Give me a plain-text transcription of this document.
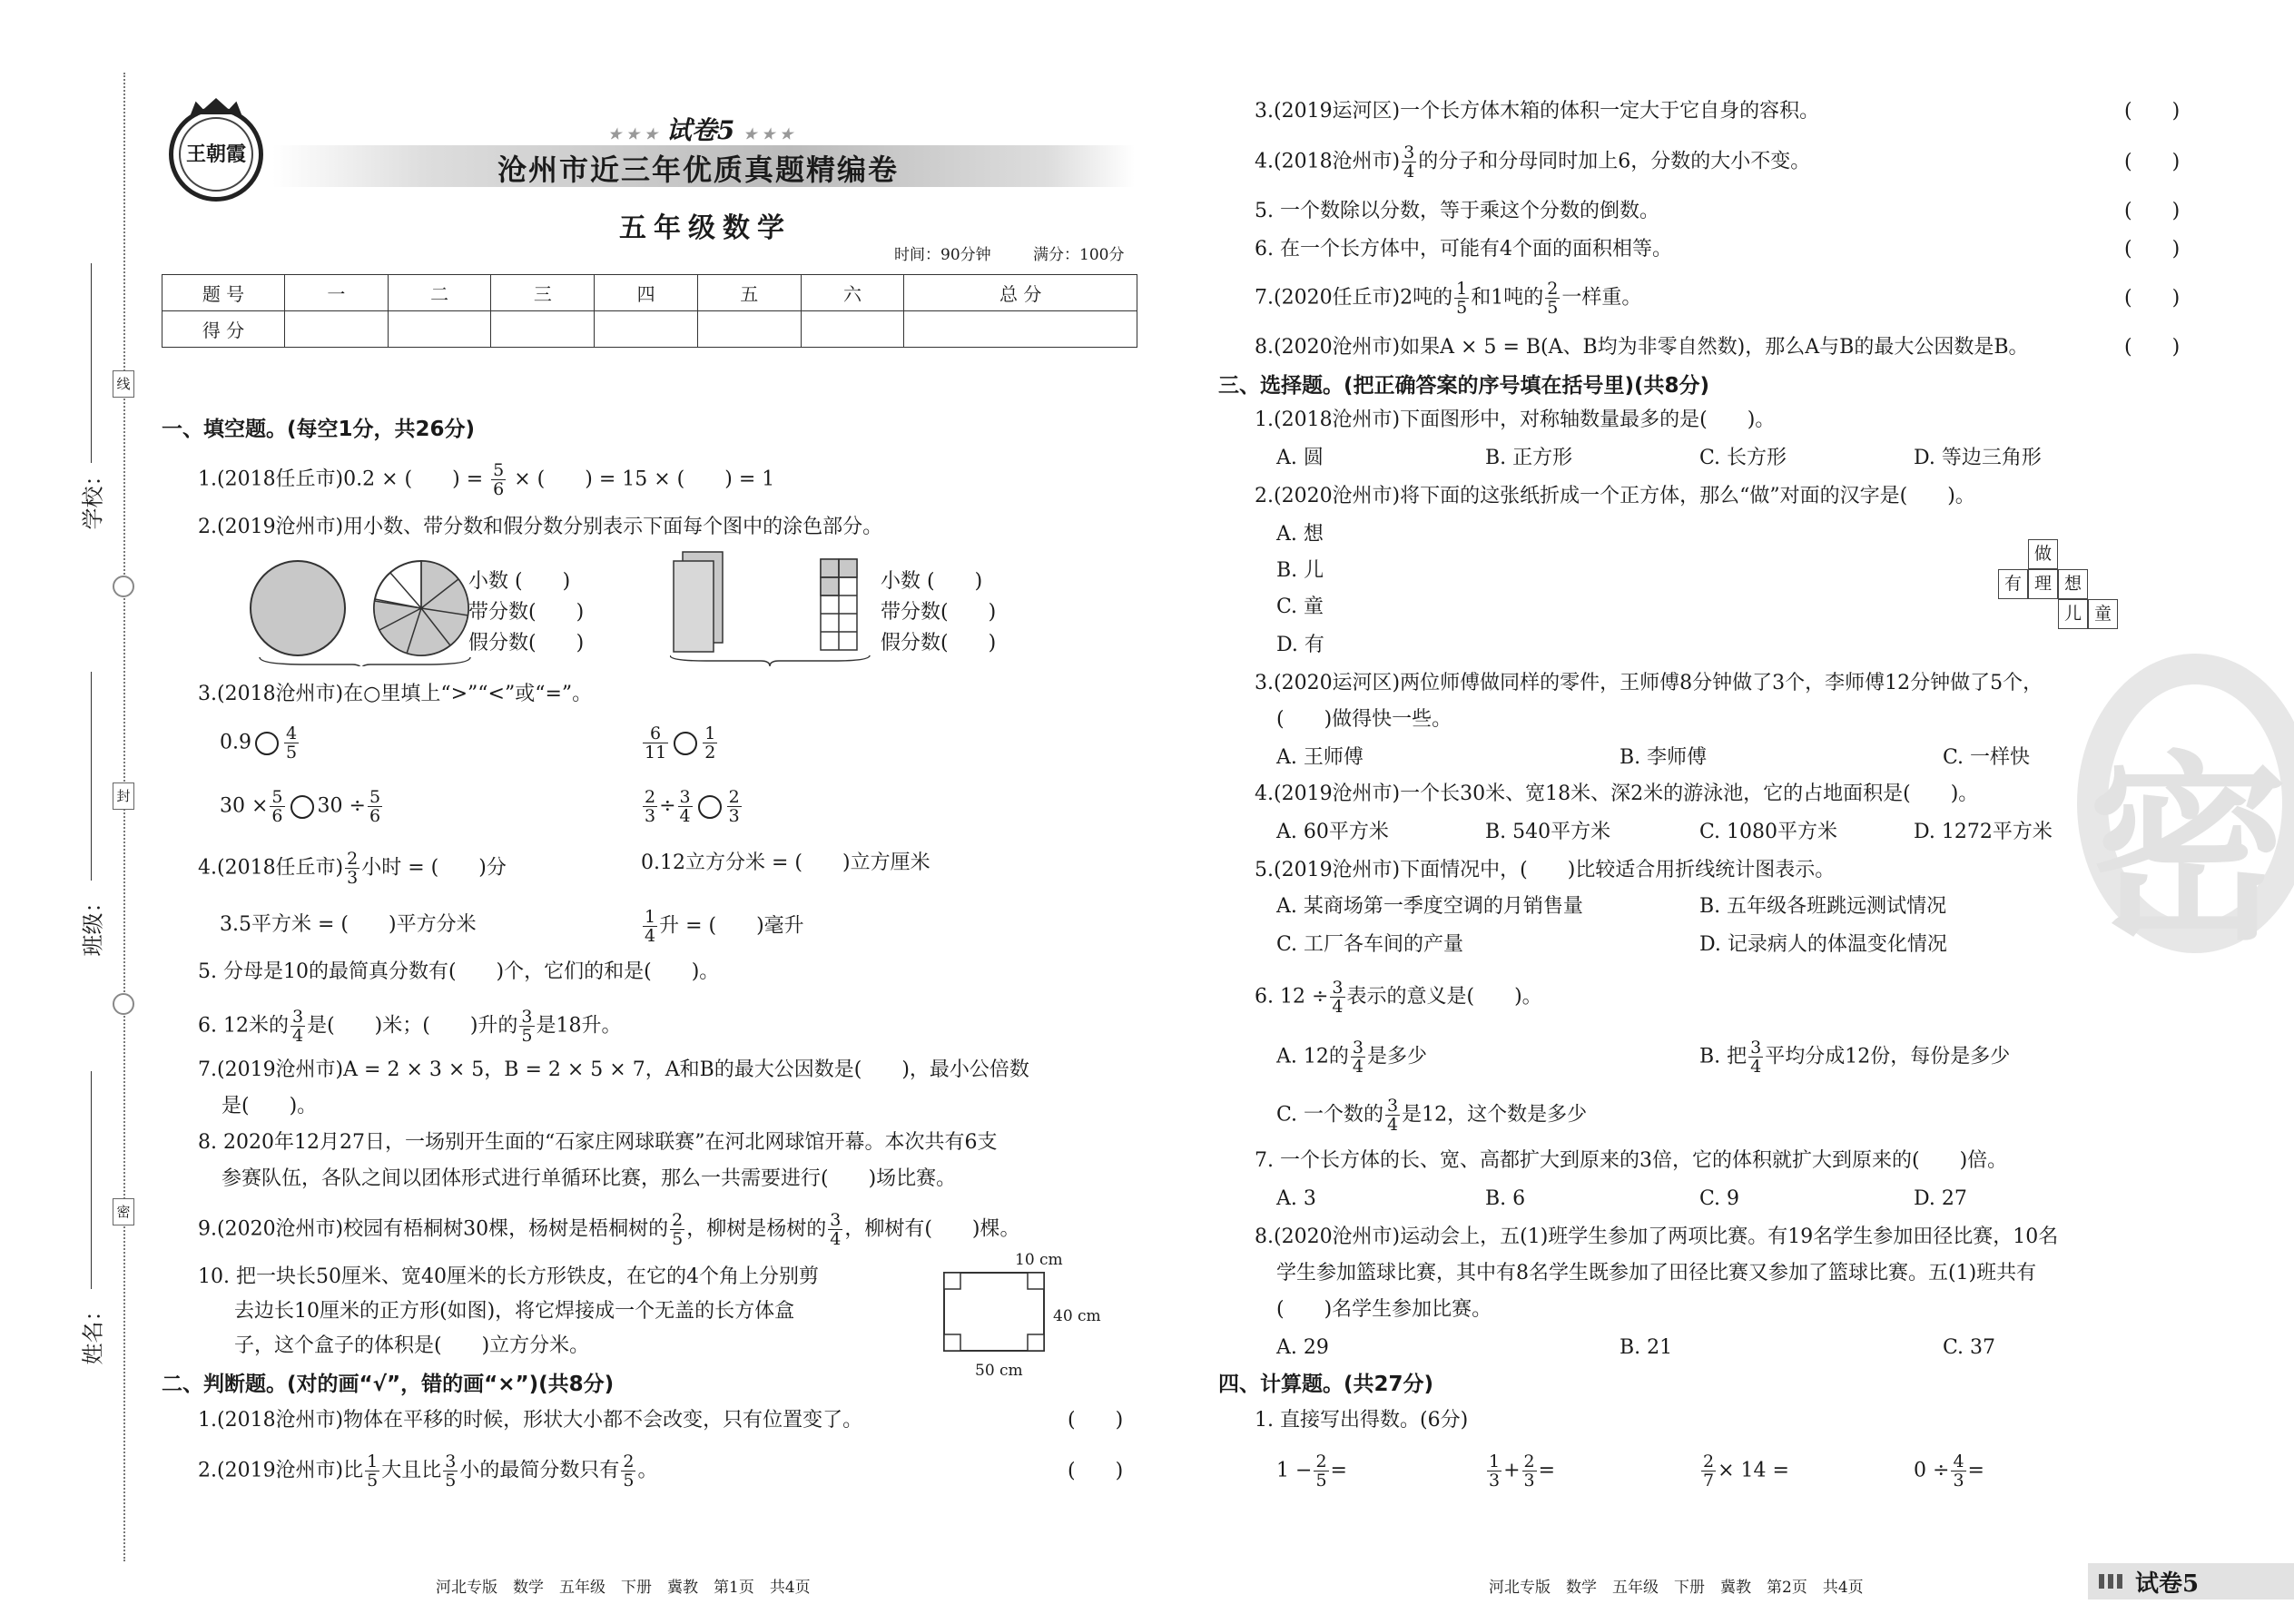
学校：
线
班级：
封
姓名：
密
王朝霞
★ ★ ★ 试卷5 ★ ★ ★
沧州市近三年优质真题精编卷
五年级数学
时间：90分钟	满分：100分
题 号	一	二	三	四	五	六	总 分
得 分							
一、填空题。(每空1分，共26分)
1.(2018任丘市)0.2 × (　　) = $\frac{5}{6}$ × (　　) = 15 × (　　) = 1
2.(2019沧州市)用小数、带分数和假分数分别表示下面每个图中的涂色部分。
小数 (　　)
带分数(　　)
假分数(　　)
小数 (　　)
带分数(　　)
假分数(　　)
3.(2018沧州市)在○里填上“>”“<”或“=”。
$0.9 \frac{4}{5}$	$\frac{6}{11} \frac{1}{2}$
$30 \times \frac{5}{6} 30 \div \frac{5}{6}$	$\frac{2}{3} \div \frac{3}{4} \frac{2}{3}$
4.(2018任丘市) $\frac{2}{3}$ 小时 = (　　)分	0.12立方分米 = (　　)立方厘米
3.5平方米 = (　　)平方分米	$\frac{1}{4}$ 升 = (　　)毫升
5. 分母是10的最简真分数有(　　)个，它们的和是(　　)。
6. 12米的 $\frac{3}{4}$ 是(　　)米；(　　)升的 $\frac{3}{5}$ 是18升。
7.(2019沧州市)A = 2 × 3 × 5，B = 2 × 5 × 7，A和B的最大公因数是(　　)，最小公倍数
是(　　)。
8. 2020年12月27日，一场别开生面的“石家庄网球联赛”在河北网球馆开幕。本次共有6支
参赛队伍，各队之间以团体形式进行单循环比赛，那么一共需要进行(　　)场比赛。
9.(2020沧州市)校园有梧桐树30棵，杨树是梧桐树的 $\frac{2}{5}$ ，柳树是杨树的 $\frac{3}{4}$ ，柳树有(　　)棵。
10. 把一块长50厘米、宽40厘米的长方形铁皮，在它的4个角上分别剪
去边长10厘米的正方形(如图)，将它焊接成一个无盖的长方体盒
子，这个盒子的体积是(　　)立方分米。
10 cm
40 cm
50 cm
二、判断题。(对的画“√”，错的画“×”)(共8分)
1.(2018沧州市)物体在平移的时候，形状大小都不会改变，只有位置变了。	(　　)
2.(2019沧州市)比 $\frac{1}{5}$ 大且比 $\frac{3}{5}$ 小的最简分数只有 $\frac{2}{5}$ 。	(　　)
河北专版　数学　五年级　下册　冀教　第1页　共4页
密
3.(2019运河区)一个长方体木箱的体积一定大于它自身的容积。	(　　)
4.(2018沧州市) $\frac{3}{4}$ 的分子和分母同时加上6，分数的大小不变。	(　　)
5. 一个数除以分数，等于乘这个分数的倒数。	(　　)
6. 在一个长方体中，可能有4个面的面积相等。	(　　)
7.(2020任丘市)2吨的 $\frac{1}{5}$ 和1吨的 $\frac{2}{5}$ 一样重。	(　　)
8.(2020沧州市)如果A × 5 = B(A、B均为非零自然数)，那么A与B的最大公因数是B。	(　　)
三、选择题。(把正确答案的序号填在括号里)(共8分)
1.(2018沧州市)下面图形中，对称轴数量最多的是(　　)。
A. 圆	B. 正方形	C. 长方形	D. 等边三角形
2.(2020沧州市)将下面的这张纸折成一个正方体，那么“做”对面的汉字是(　　)。
A. 想
B. 儿
C. 童
D. 有
做
有 理 想
儿 童
3.(2020运河区)两位师傅做同样的零件，王师傅8分钟做了3个，李师傅12分钟做了5个，
(　　)做得快一些。
A. 王师傅	B. 李师傅	C. 一样快
4.(2019沧州市)一个长30米、宽18米、深2米的游泳池，它的占地面积是(　　)。
A. 60平方米	B. 540平方米	C. 1080平方米	D. 1272平方米
5.(2019沧州市)下面情况中，(　　)比较适合用折线统计图表示。
A. 某商场第一季度空调的月销售量	B. 五年级各班跳远测试情况
C. 工厂各车间的产量	D. 记录病人的体温变化情况
6. $12 \div \frac{3}{4}$ 表示的意义是(　　)。
A. 12的 $\frac{3}{4}$ 是多少	B. 把 $\frac{3}{4}$ 平均分成12份，每份是多少
C. 一个数的 $\frac{3}{4}$ 是12，这个数是多少
7. 一个长方体的长、宽、高都扩大到原来的3倍，它的体积就扩大到原来的(　　)倍。
A. 3	B. 6	C. 9	D. 27
8.(2020沧州市)运动会上，五(1)班学生参加了两项比赛。有19名学生参加田径比赛，10名
学生参加篮球比赛，其中有8名学生既参加了田径比赛又参加了篮球比赛。五(1)班共有
(　　)名学生参加比赛。
A. 29	B. 21	C. 37
四、计算题。(共27分)
1. 直接写出得数。(6分)
$1 - \frac{2}{5}$ =	$\frac{1}{3} + \frac{2}{3}$ =	$\frac{2}{7} \times 14$ =	$0 \div \frac{4}{3}$ =
河北专版　数学　五年级　下册　冀教　第2页　共4页	试卷5
